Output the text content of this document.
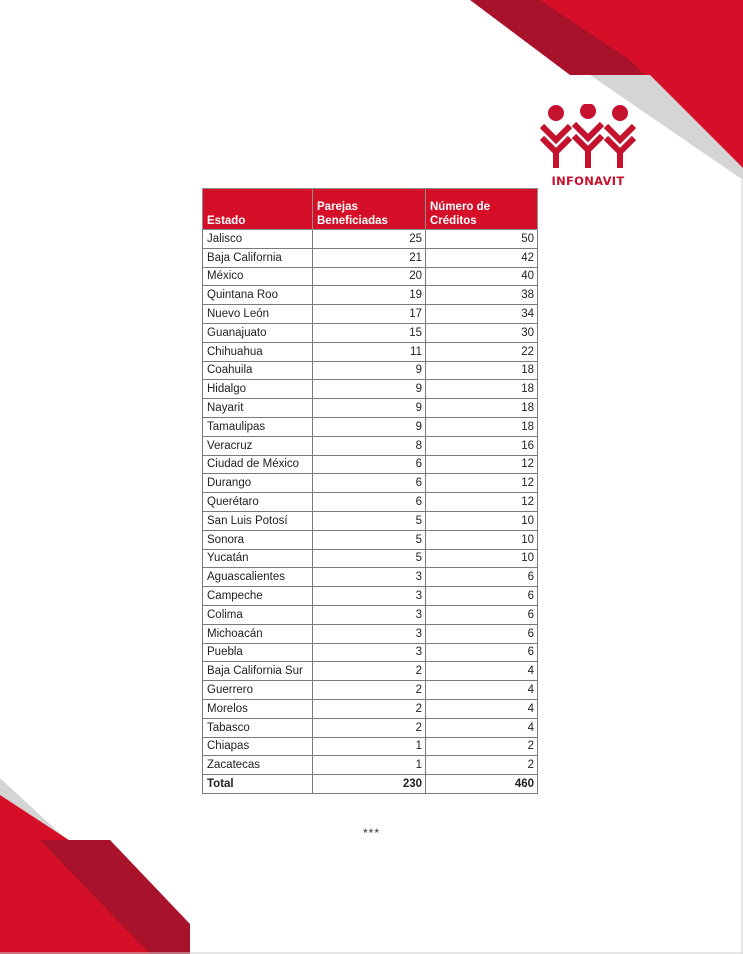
INFONAVIT
Estado	Parejas Beneficiadas	Número de Créditos
Jalisco	25	50
Baja California	21	42
México	20	40
Quintana Roo	19	38
Nuevo León	17	34
Guanajuato	15	30
Chihuahua	11	22
Coahuila	9	18
Hidalgo	9	18
Nayarit	9	18
Tamaulipas	9	18
Veracruz	8	16
Ciudad de México	6	12
Durango	6	12
Querétaro	6	12
San Luis Potosí	5	10
Sonora	5	10
Yucatán	5	10
Aguascalientes	3	6
Campeche	3	6
Colima	3	6
Michoacán	3	6
Puebla	3	6
Baja California Sur	2	4
Guerrero	2	4
Morelos	2	4
Tabasco	2	4
Chiapas	1	2
Zacatecas	1	2
Total	230	460
***
